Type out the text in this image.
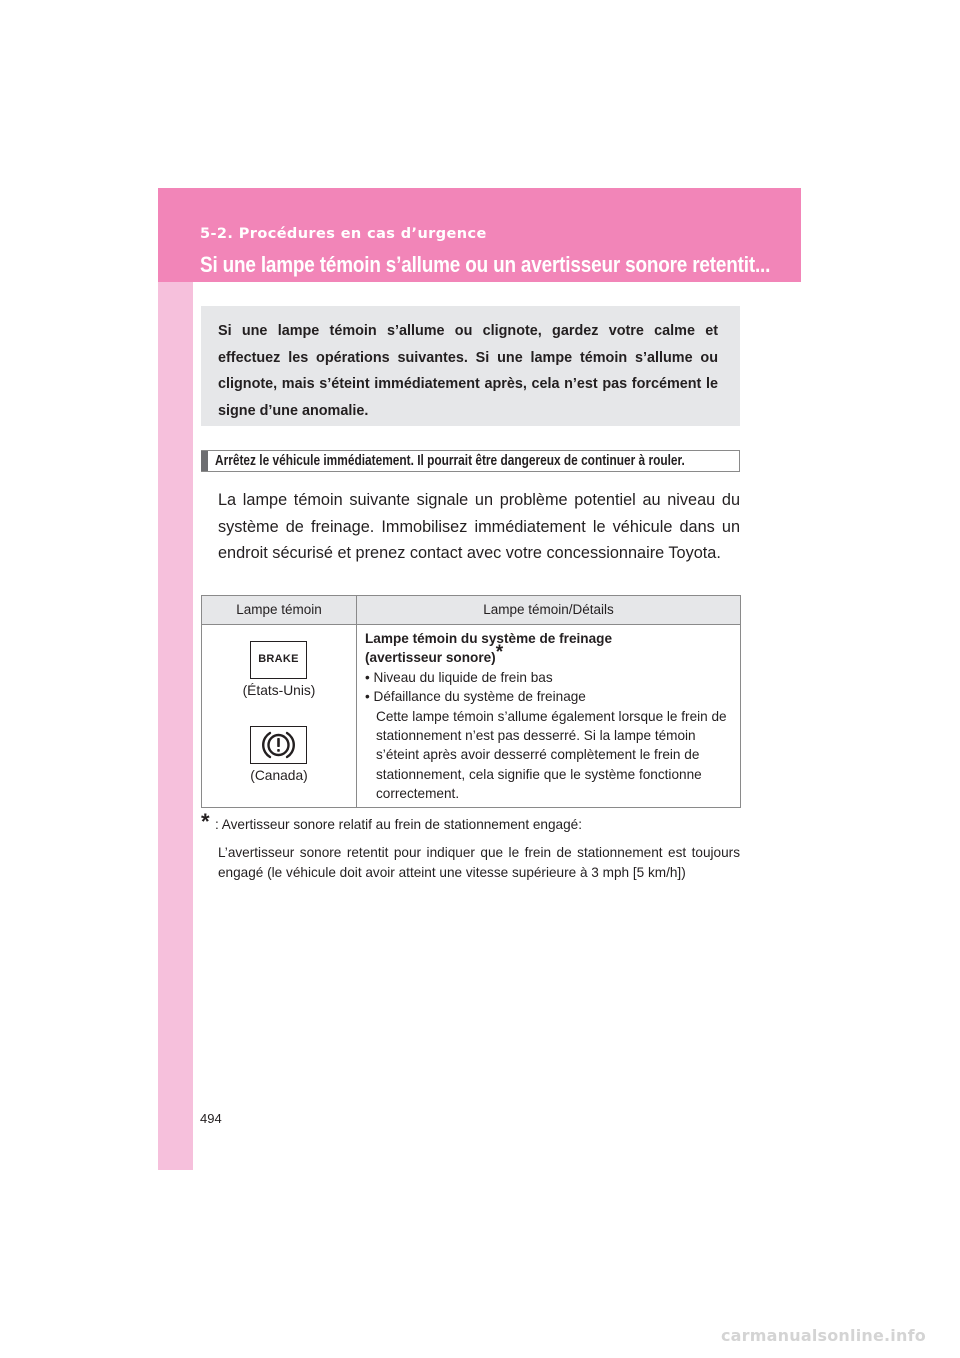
5-2. Procédures en cas d’urgence
Si une lampe témoin s’allume ou un avertisseur sonore retentit...
Si une lampe témoin s’allume ou clignote, gardez votre calme et effectuez les opérations suivantes. Si une lampe témoin s’allume ou clignote, mais s’éteint immédiatement après, cela n’est pas forcément le signe d’une anomalie.
Arrêtez le véhicule immédiatement. Il pourrait être dangereux de continuer à rouler.
La lampe témoin suivante signale un problème potentiel au niveau du système de freinage. Immobilisez immédiatement le véhicule dans un endroit sécurisé et prenez contact avec votre concessionnaire Toyota.
Lampe témoin	Lampe témoin/Détails
BRAKE
(États-Unis)
(Canada)
Lampe témoin du système de freinage
(avertisseur sonore)*
• Niveau du liquide de frein bas
• Défaillance du système de freinage
Cette lampe témoin s’allume également lorsque le frein de stationnement n’est pas desserré. Si la lampe témoin s’éteint après avoir desserré complètement le frein de stationnement, cela signifie que le système fonctionne correctement.
* : Avertisseur sonore relatif au frein de stationnement engagé:
L’avertisseur sonore retentit pour indiquer que le frein de stationnement est toujours engagé (le véhicule doit avoir atteint une vitesse supérieure à 3 mph [5 km/h])
494
carmanualsonline.info
